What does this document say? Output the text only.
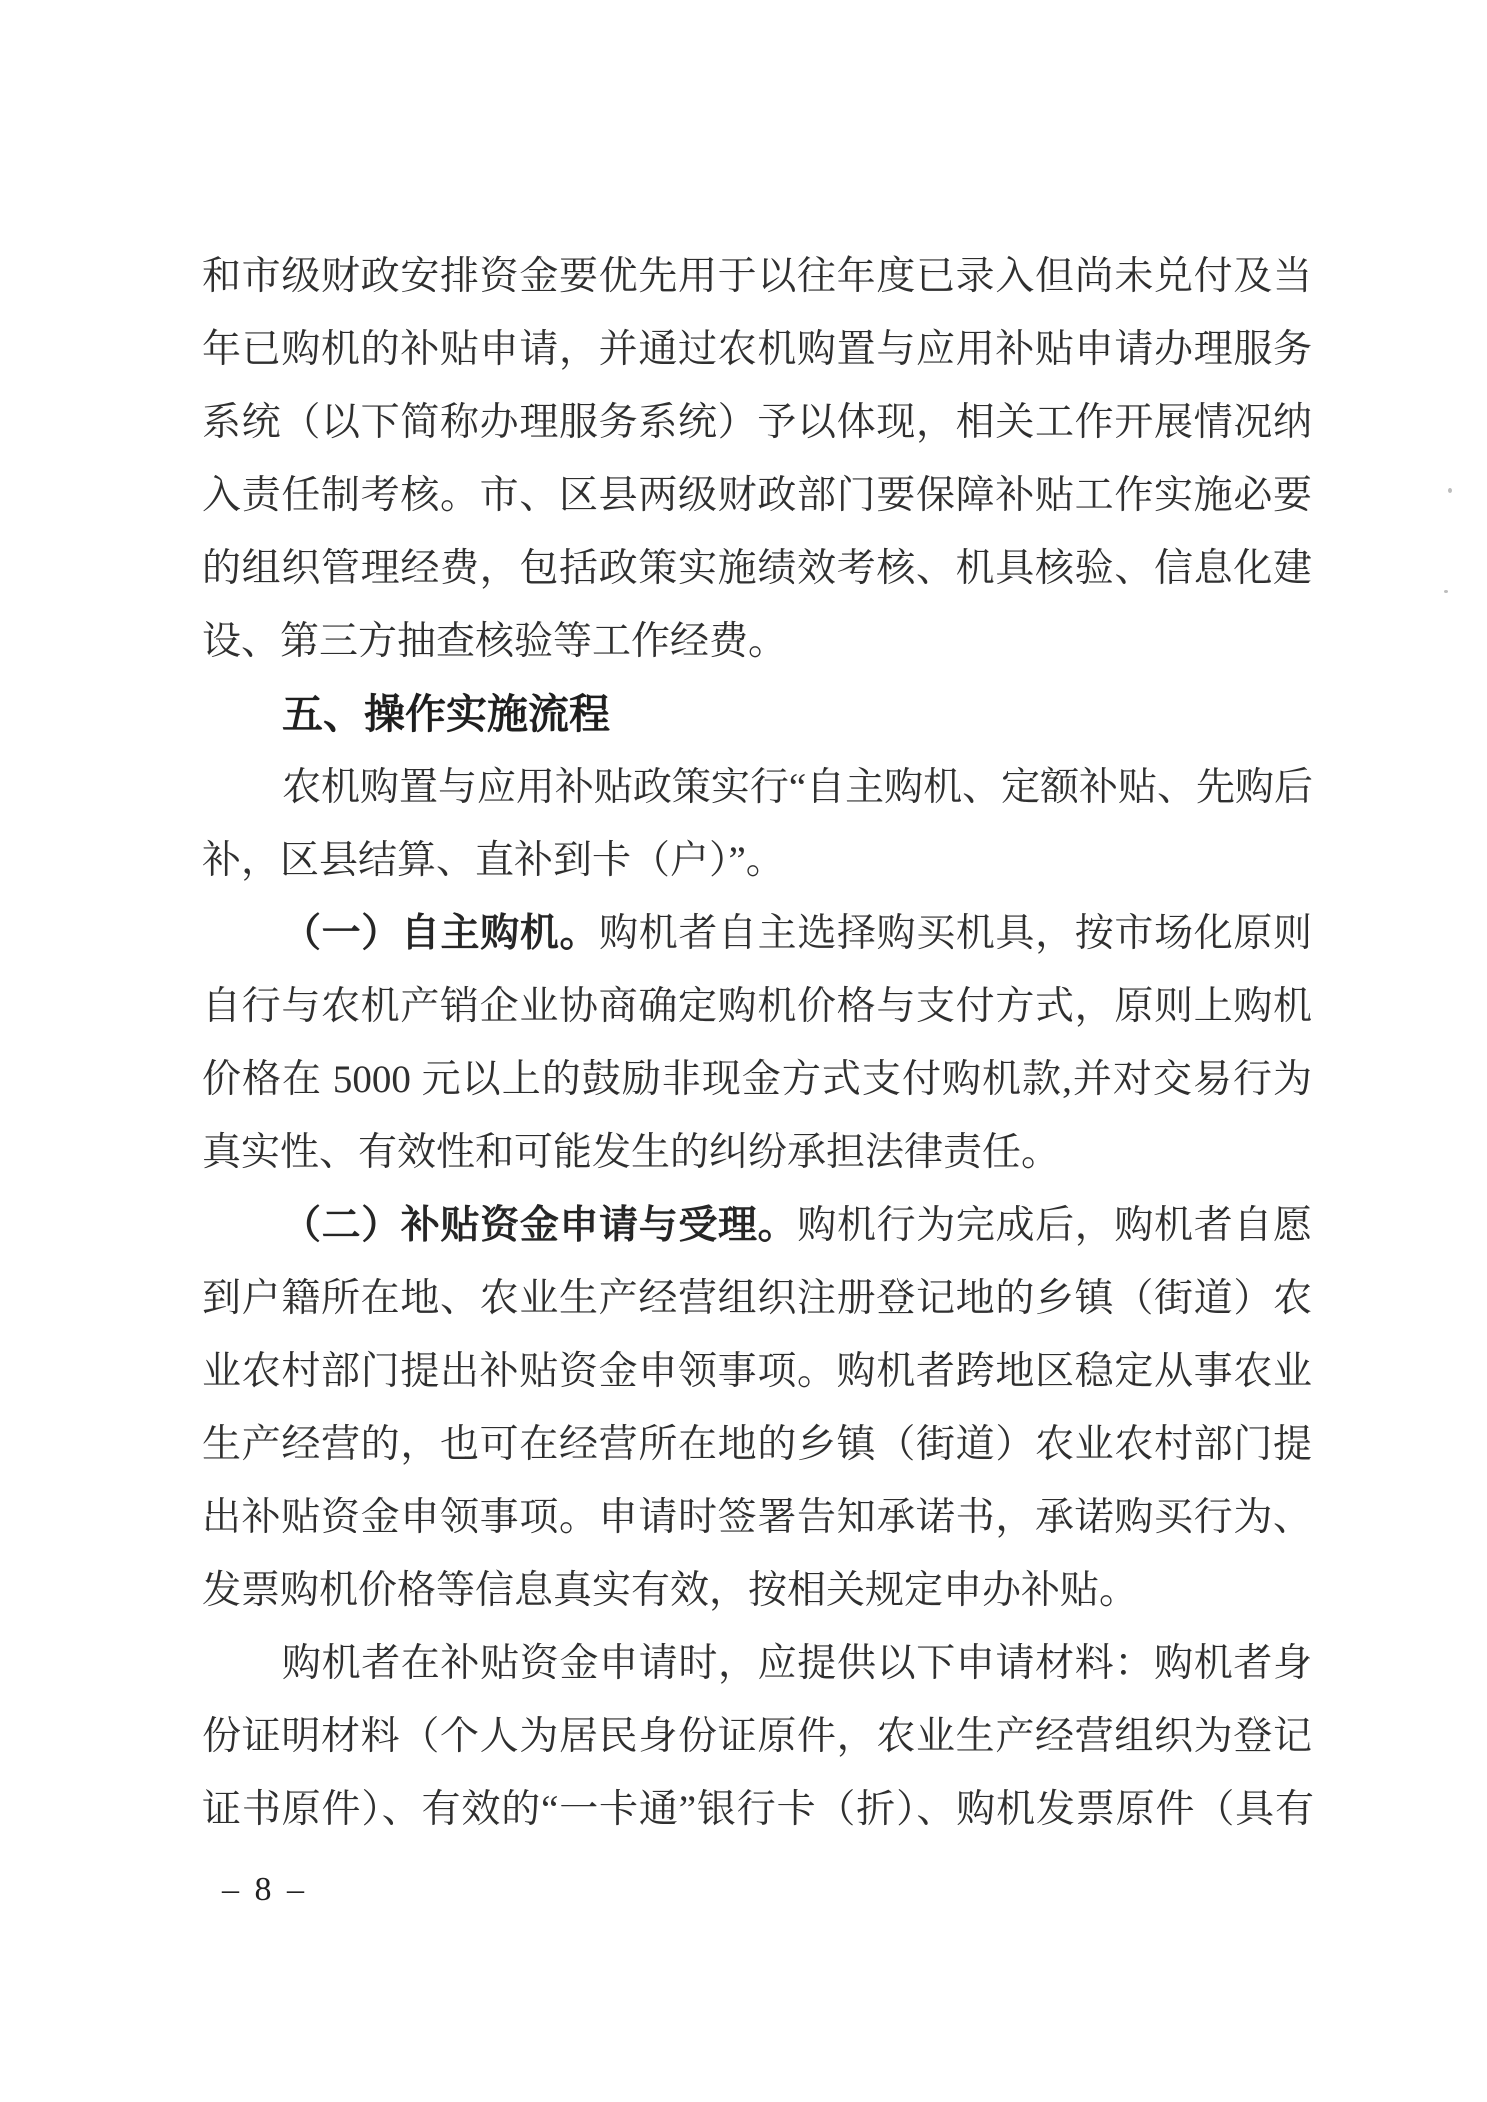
和市级财政安排资金要优先用于以往年度已录入但尚未兑付及当
年已购机的补贴申请，并通过农机购置与应用补贴申请办理服务
系统（以下简称办理服务系统）予以体现，相关工作开展情况纳
入责任制考核。市、区县两级财政部门要保障补贴工作实施必要
的组织管理经费，包括政策实施绩效考核、机具核验、信息化建
设、第三方抽查核验等工作经费。
五、操作实施流程
农机购置与应用补贴政策实行“自主购机、定额补贴、先购后
补，区县结算、直补到卡（户）”。
（一）自主购机。购机者自主选择购买机具，按市场化原则
自行与农机产销企业协商确定购机价格与支付方式，原则上购机
价格在 5000 元以上的鼓励非现金方式支付购机款,并对交易行为
真实性、有效性和可能发生的纠纷承担法律责任。
（二）补贴资金申请与受理。购机行为完成后，购机者自愿
到户籍所在地、农业生产经营组织注册登记地的乡镇（街道）农
业农村部门提出补贴资金申领事项。购机者跨地区稳定从事农业
生产经营的，也可在经营所在地的乡镇（街道）农业农村部门提
出补贴资金申领事项。申请时签署告知承诺书，承诺购买行为、
发票购机价格等信息真实有效，按相关规定申办补贴。
购机者在补贴资金申请时，应提供以下申请材料：购机者身
份证明材料（个人为居民身份证原件，农业生产经营组织为登记
证书原件）、有效的“一卡通”银行卡（折）、购机发票原件（具有
– 8 –
